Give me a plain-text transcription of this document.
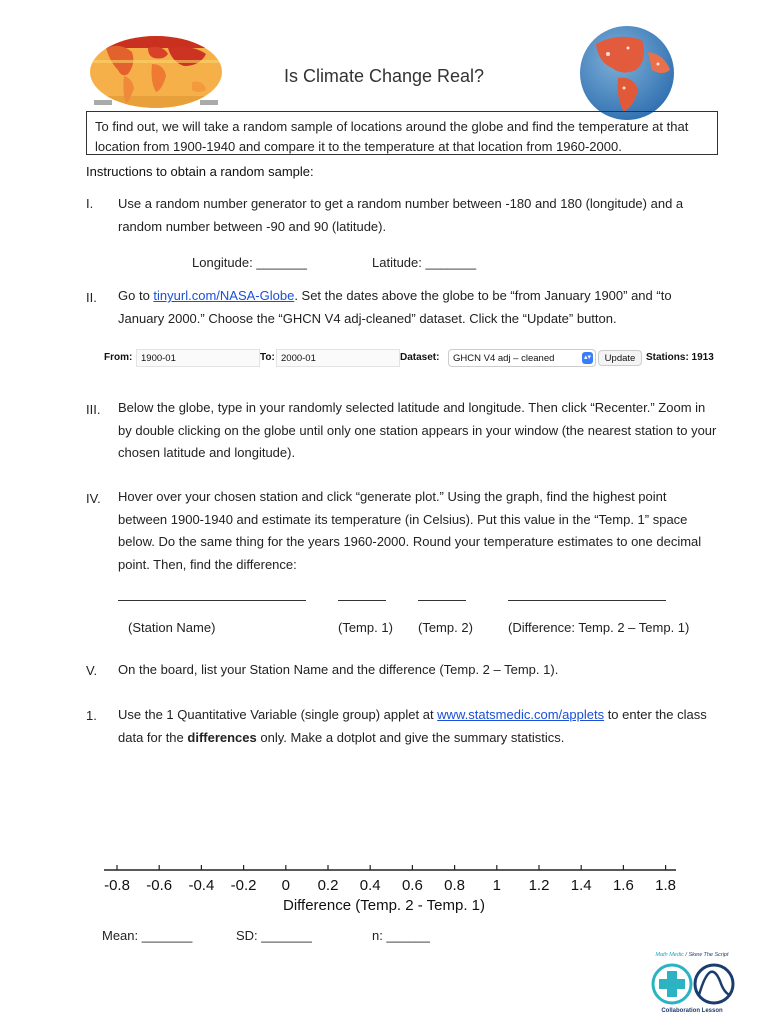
Is Climate Change Real?
To find out, we will take a random sample of locations around the globe and find the temperature at that location from 1900-1940 and compare it to the temperature at that location from 1960-2000.
Instructions to obtain a random sample:
I. Use a random number generator to get a random number between -180 and 180 (longitude) and a random number between -90 and 90 (latitude).
Longitude: _______	Latitude: _______
II. Go to tinyurl.com/NASA-Globe. Set the dates above the globe to be “from January 1900” and “to January 2000.” Choose the “GHCN V4 adj-cleaned” dataset. Click the “Update” button.
From: 1900-01	To: 2000-01	Dataset:	GHCN V4 adj – cleaned	▴▾	Update	Stations: 1913
III. Below the globe, type in your randomly selected latitude and longitude. Then click “Recenter.” Zoom in by double clicking on the globe until only one station appears in your window (the nearest station to your chosen latitude and longitude).
IV. Hover over your chosen station and click “generate plot.” Using the graph, find the highest point between 1900-1940 and estimate its temperature (in Celsius). Put this value in the “Temp. 1” space below. Do the same thing for the years 1960-2000. Round your temperature estimates to one decimal point. Then, find the difference:
(Station Name)	(Temp. 1) (Temp. 2)	(Difference: Temp. 2 – Temp. 1)
V. On the board, list your Station Name and the difference (Temp. 2 – Temp. 1).
1. Use the 1 Quantitative Variable (single group) applet at www.statsmedic.com/applets to enter the class data for the differences only. Make a dotplot and give the summary statistics.
-0.8 -0.6 -0.4 -0.2 0 0.2 0.4 0.6 0.8 1 1.2 1.4 1.6 1.8
Difference (Temp. 2 - Temp. 1)
Mean: _______	SD: _______	n: ______
Math Medic / Skew The Script
Collaboration Lesson
